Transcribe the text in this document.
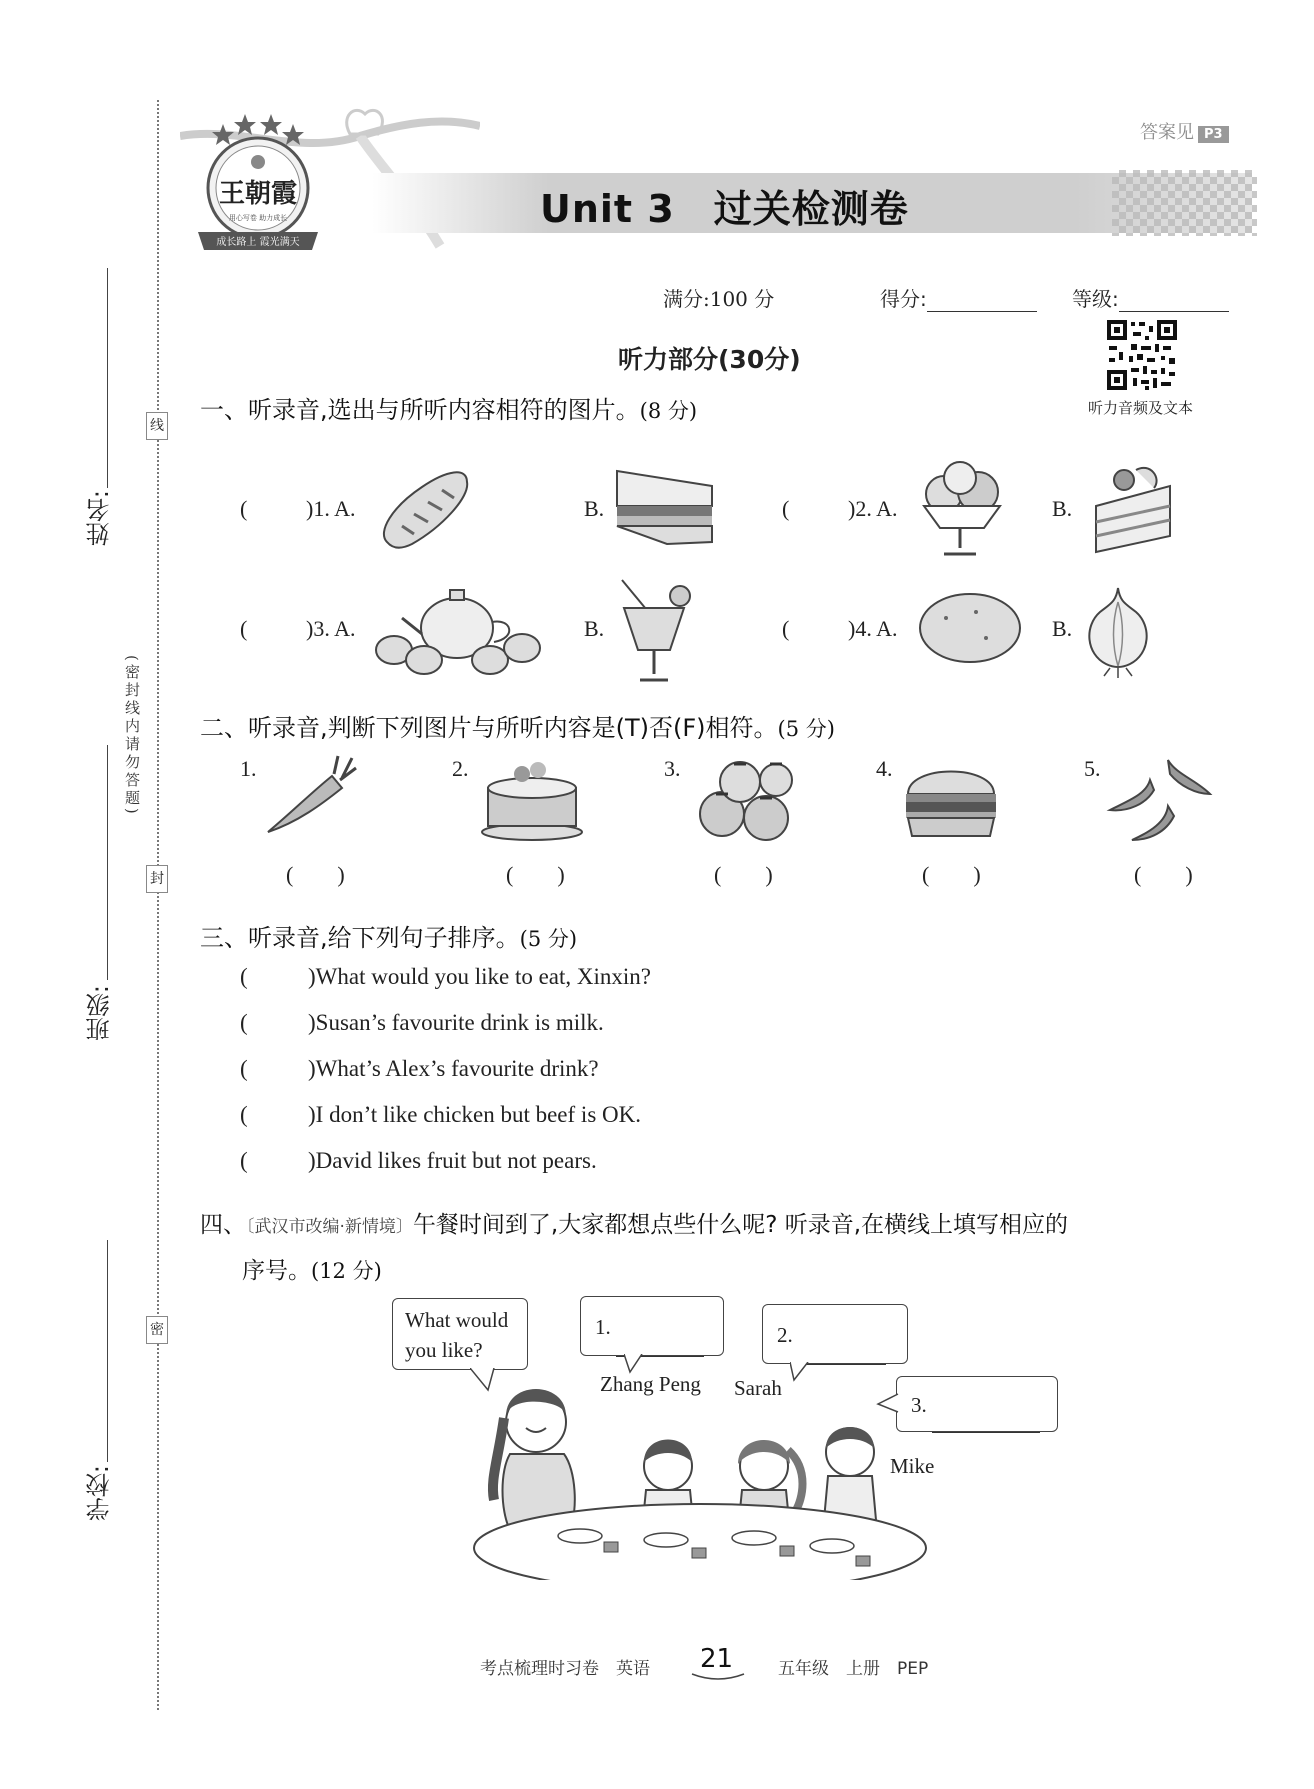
线
封
密
(密封线内请勿答题)
姓名:
班级:
学校:
王朝霞
用心写卷 助力成长
成长路上 霞光满天
答案见 P3
Unit 3　过关检测卷
满分:100 分	得分:	等级:
听力音频及文本
听力部分(30分)
一、听录音,选出与所听内容相符的图片。(8 分)
(	)1. A.	B.	(	)2. A.	B.
(	)3. A.	B.	(	)4. A.	B.
二、听录音,判断下列图片与所听内容是(T)否(F)相符。(5 分)
1.	2.	3.	4.	5.
(　　)	(　　)	(　　)	(　　)	(　　)
三、听录音,给下列句子排序。(5 分)
(	)What would you like to eat, Xinxin?
(	)Susan’s favourite drink is milk.
(	)What’s Alex’s favourite drink?
(	)I don’t like chicken but beef is OK.
(	)David likes fruit but not pears.
四、〔武汉市改编·新情境〕午餐时间到了,大家都想点些什么呢? 听录音,在横线上填写相应的
序号。(12 分)
What would
you like?
1.	2.
3.
Zhang Peng Sarah
Mike
考点梳理时习卷　英语 21	五年级　上册　PEP
